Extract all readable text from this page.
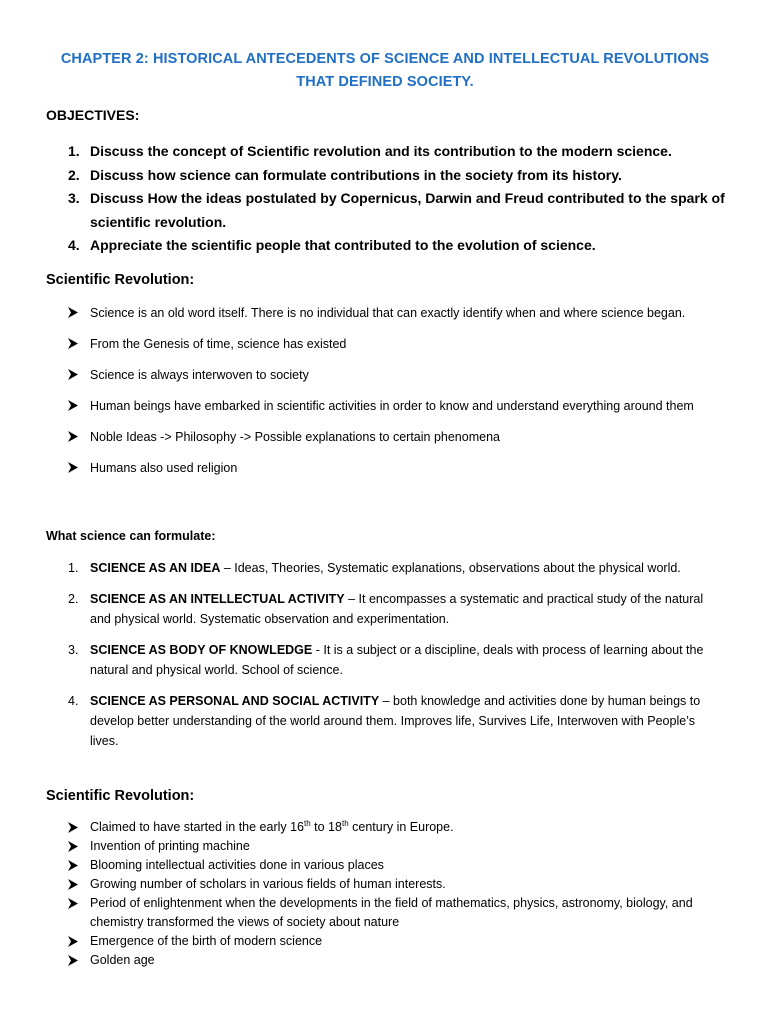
CHAPTER 2: HISTORICAL ANTECEDENTS OF SCIENCE AND INTELLECTUAL REVOLUTIONS THAT DEFINED SOCIETY.
OBJECTIVES:
1. Discuss the concept of Scientific revolution and its contribution to the modern science.
2. Discuss how science can formulate contributions in the society from its history.
3. Discuss How the ideas postulated by Copernicus, Darwin and Freud contributed to the spark of scientific revolution.
4. Appreciate the scientific people that contributed to the evolution of science.
Scientific Revolution:
Science is an old word itself. There is no individual that can exactly identify when and where science began.
From the Genesis of time, science has existed
Science is always interwoven to society
Human beings have embarked in scientific activities in order to know and understand everything around them
Noble Ideas -> Philosophy -> Possible explanations to certain phenomena
Humans also used religion
What science can formulate:
1. SCIENCE AS AN IDEA – Ideas, Theories, Systematic explanations, observations about the physical world.
2. SCIENCE AS AN INTELLECTUAL ACTIVITY – It encompasses a systematic and practical study of the natural and physical world. Systematic observation and experimentation.
3. SCIENCE AS BODY OF KNOWLEDGE - It is a subject or a discipline, deals with process of learning about the natural and physical world. School of science.
4. SCIENCE AS PERSONAL AND SOCIAL ACTIVITY – both knowledge and activities done by human beings to develop better understanding of the world around them. Improves life, Survives Life, Interwoven with People’s lives.
Scientific Revolution:
Claimed to have started in the early 16th to 18th century in Europe.
Invention of printing machine
Blooming intellectual activities done in various places
Growing number of scholars in various fields of human interests.
Period of enlightenment when the developments in the field of mathematics, physics, astronomy, biology, and chemistry transformed the views of society about nature
Emergence of the birth of modern science
Golden age
